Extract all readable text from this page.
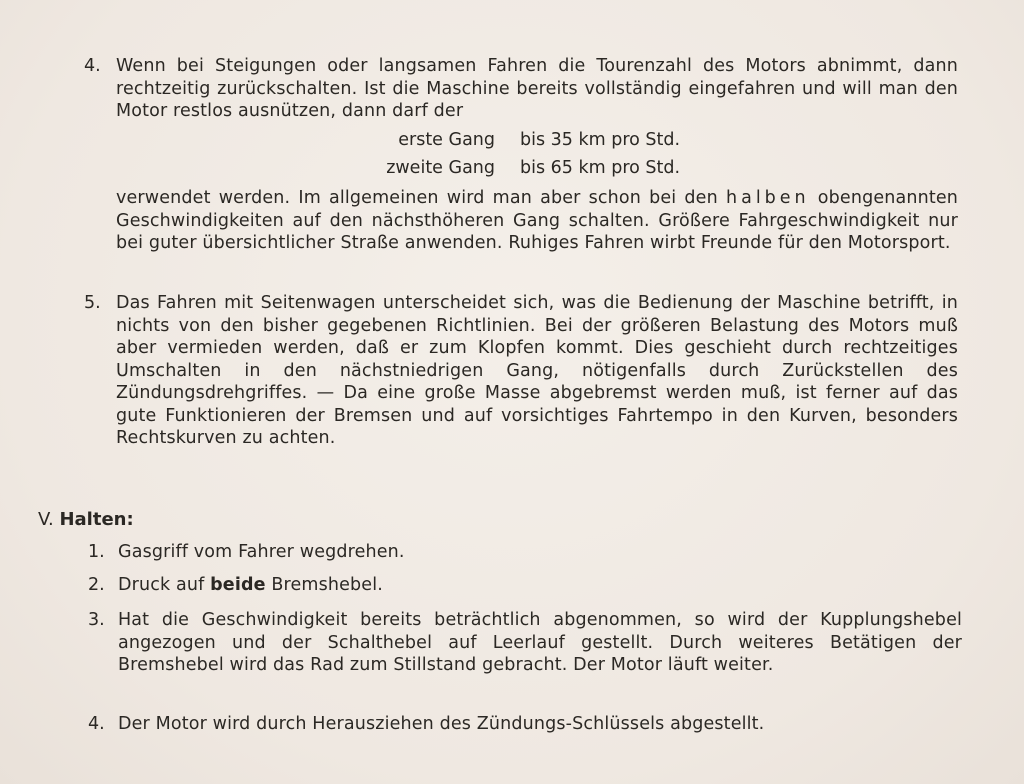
4. Wenn bei Steigungen oder langsamen Fahren die Tourenzahl des Motors abnimmt, dann rechtzeitig zurückschalten. Ist die Maschine bereits vollständig eingefahren und will man den Motor restlos ausnützen, dann darf der
erste Gang bis 35 km pro Std.
zweite Gang bis 65 km pro Std.
verwendet werden. Im allgemeinen wird man aber schon bei den halben obengenannten Geschwindigkeiten auf den nächsthöheren Gang schalten. Größere Fahrgeschwindigkeit nur bei guter übersichtlicher Straße anwenden. Ruhiges Fahren wirbt Freunde für den Motorsport.
5. Das Fahren mit Seitenwagen unterscheidet sich, was die Bedienung der Maschine betrifft, in nichts von den bisher gegebenen Richtlinien. Bei der größeren Belastung des Motors muß aber vermieden werden, daß er zum Klopfen kommt. Dies geschieht durch rechtzeitiges Umschalten in den nächstniedrigen Gang, nötigenfalls durch Zurückstellen des Zündungsdrehgriffes. — Da eine große Masse abgebremst werden muß, ist ferner auf das gute Funktionieren der Bremsen und auf vorsichtiges Fahrtempo in den Kurven, besonders Rechtskurven zu achten.
V. Halten:
1. Gasgriff vom Fahrer wegdrehen.
2. Druck auf beide Bremshebel.
3. Hat die Geschwindigkeit bereits beträchtlich abgenommen, so wird der Kupplungshebel angezogen und der Schalthebel auf Leerlauf gestellt. Durch weiteres Betätigen der Bremshebel wird das Rad zum Stillstand gebracht. Der Motor läuft weiter.
4. Der Motor wird durch Herausziehen des Zündungs-Schlüssels abgestellt.
